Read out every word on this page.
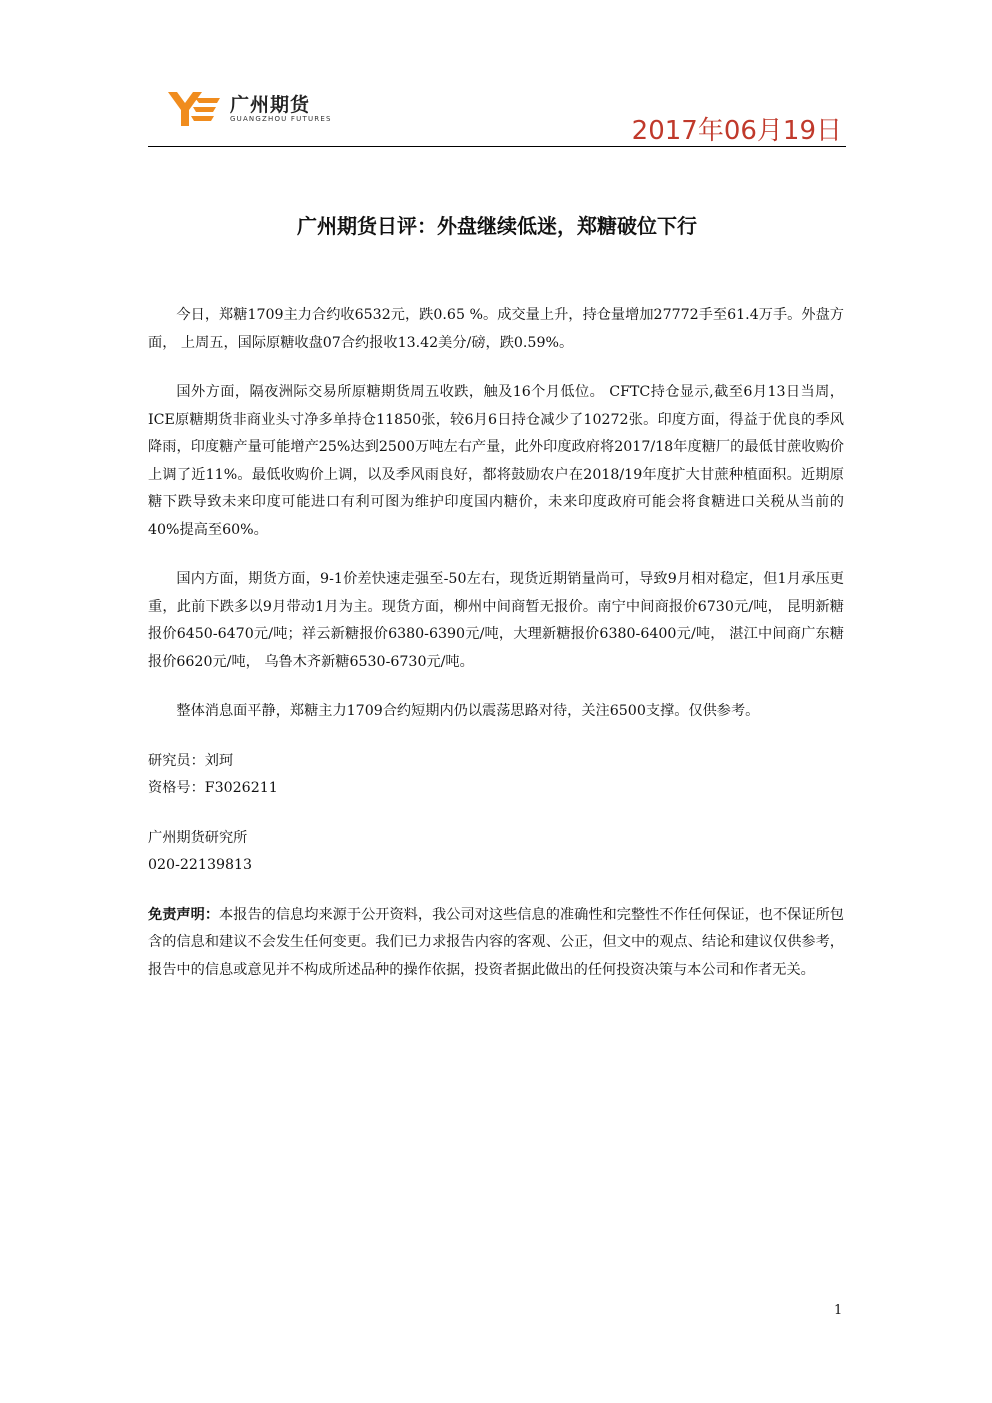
广州期货
GUANGZHOU FUTURES	2017年06月19日
广州期货日评：外盘继续低迷，郑糖破位下行

今日，郑糖1709主力合约收6532元，跌0.65 %。成交量上升，持仓量增加27772手至61.4万手。外盘方面， 上周五，国际原糖收盘07合约报收13.42美分/磅，跌0.59%。

国外方面，隔夜洲际交易所原糖期货周五收跌，触及16个月低位。 CFTC持仓显示,截至6月13日当周，ICE原糖期货非商业头寸净多单持仓11850张，较6月6日持仓减少了10272张。印度方面，得益于优良的季风降雨，印度糖产量可能增产25%达到2500万吨左右产量，此外印度政府将2017/18年度糖厂的最低甘蔗收购价上调了近11%。最低收购价上调，以及季风雨良好，都将鼓励农户在2018/19年度扩大甘蔗种植面积。近期原糖下跌导致未来印度可能进口有利可图为维护印度国内糖价，未来印度政府可能会将食糖进口关税从当前的40%提高至60%。

国内方面，期货方面，9-1价差快速走强至-50左右，现货近期销量尚可，导致9月相对稳定，但1月承压更重，此前下跌多以9月带动1月为主。现货方面，柳州中间商暂无报价。南宁中间商报价6730元/吨， 昆明新糖报价6450-6470元/吨；祥云新糖报价6380-6390元/吨，大理新糖报价6380-6400元/吨， 湛江中间商广东糖报价6620元/吨， 乌鲁木齐新糖6530-6730元/吨。

整体消息面平静，郑糖主力1709合约短期内仍以震荡思路对待，关注6500支撑。仅供参考。

研究员：刘珂

资格号：F3026211

广州期货研究所

020-22139813

免责声明：本报告的信息均来源于公开资料，我公司对这些信息的准确性和完整性不作任何保证，也不保证所包含的信息和建议不会发生任何变更。我们已力求报告内容的客观、公正，但文中的观点、结论和建议仅供参考，报告中的信息或意见并不构成所述品种的操作依据，投资者据此做出的任何投资决策与本公司和作者无关。

1
